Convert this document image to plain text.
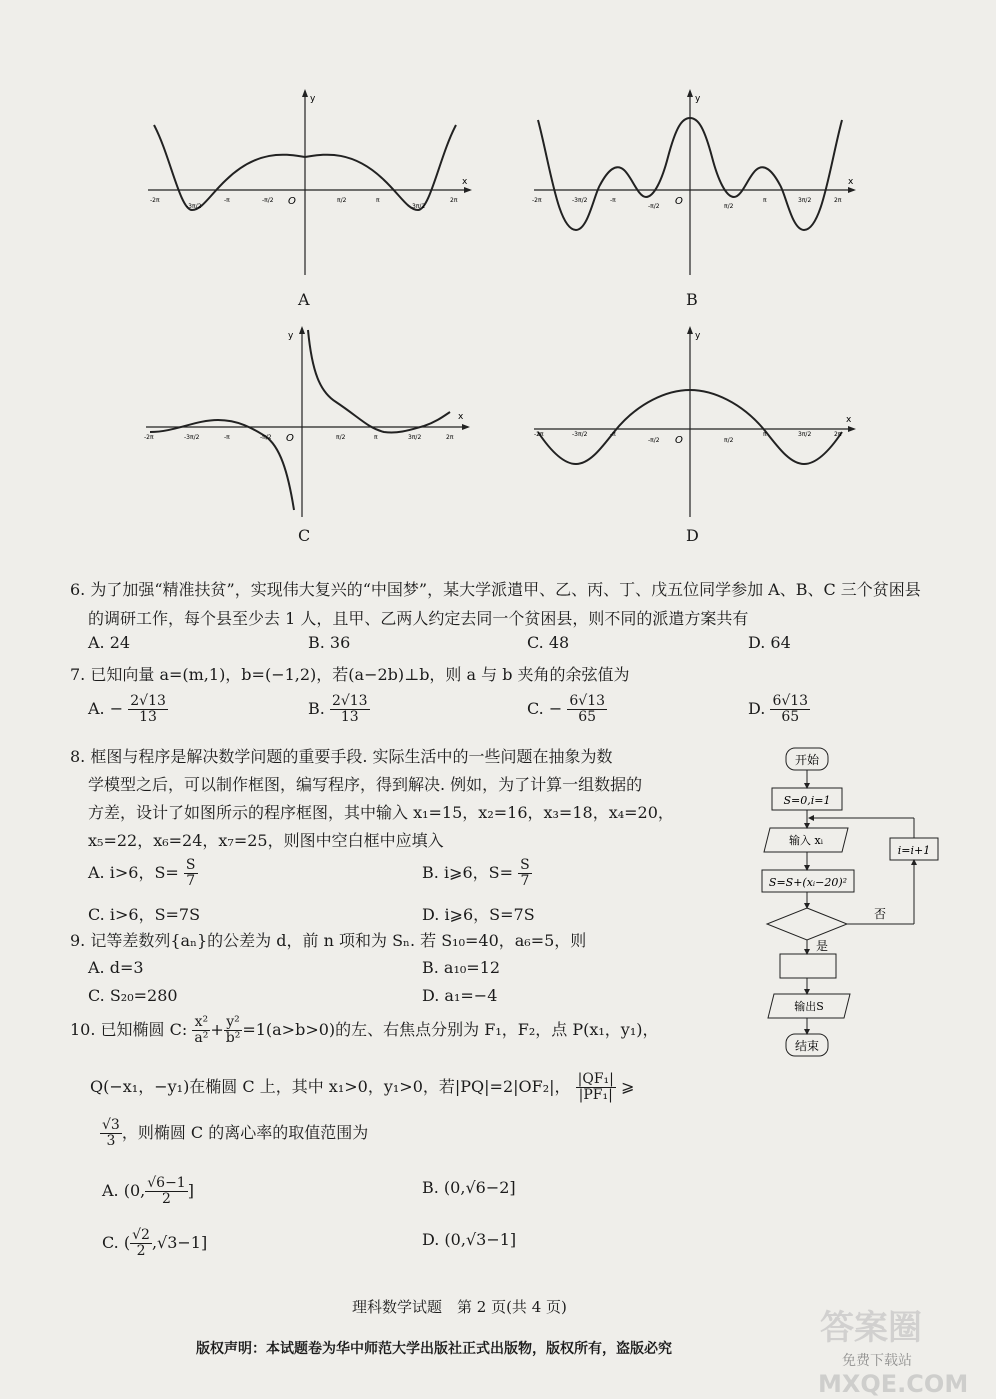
x
y
-2π
-3π/2
-π	-π/2 O	π/2	π
3π/2
2π
A
x
y
-2π	-3π/2	-π
-π/2 O	π/2
π	3π/2	2π
B
x
y
-2π	-3π/2	-π	-π/2 O	π/2	π	3π/2	2π
C
x
y
-2π	-3π/2	-π
-π/2 O	π/2
π	3π/2	2π
D
6. 为了加强“精准扶贫”，实现伟大复兴的“中国梦”，某大学派遣甲、乙、丙、丁、戊五位同学参加 A、B、C 三个贫困县
的调研工作，每个县至少去 1 人，且甲、乙两人约定去同一个贫困县，则不同的派遣方案共有
A. 24	B. 36	C. 48	D. 64
7. 已知向量 a=(m,1)，b=(−1,2)，若(a−2b)⊥b，则 a 与 b 夹角的余弦值为
A. − $\frac{2√13}{13}$	B. $\frac{2√13}{13}$	C. − $\frac{6√13}{65}$	D. $\frac{6√13}{65}$
8. 框图与程序是解决数学问题的重要手段. 实际生活中的一些问题在抽象为数
学模型之后，可以制作框图，编写程序，得到解决. 例如，为了计算一组数据的
方差，设计了如图所示的程序框图，其中输入 x₁=15，x₂=16，x₃=18，x₄=20，
x₅=22，x₆=24，x₇=25，则图中空白框中应填入
A. i>6，$S= \frac{S}{7}$	B. i⩾6，$S= \frac{S}{7}$
C. i>6，S=7S	D. i⩾6，S=7S
开始
S=0,i=1
输入 xᵢ
S=S+(xᵢ−20)²
否
i=i+1
是
输出S
结束
9. 记等差数列{aₙ}的公差为 d，前 n 项和为 Sₙ. 若 S₁₀=40，a₆=5，则
A. d=3	B. a₁₀=12
C. S₂₀=280	D. a₁=−4
10. 已知椭圆 C: $\frac{\text{x²}}{\text{a²}} + \frac{\text{y²}}{\text{b²}} =1(a>b>0)$的左、右焦点分别为 F₁，F₂，点 P(x₁，y₁)，
Q(−x₁，−y₁)在椭圆 C 上，其中 x₁>0，y₁>0，若|PQ|=2|OF₂|， $\frac{\text{|QF₁|}}{\text{|PF₁|}}$ ⩾
$\frac{√3}{3}$ ，则椭圆 C 的离心率的取值范围为
A. (0, $\frac{√6-1}{2}$ ]	B. (0,√6−2]
C. ( $\frac{√2}{2} ,√3-1$]	D. (0,√3−1]
理科数学试题　第 2 页(共 4 页)
版权声明：本试题卷为华中师范大学出版社正式出版物，版权所有，盗版必究
答案圈
免费下载站
MXQE.COM
